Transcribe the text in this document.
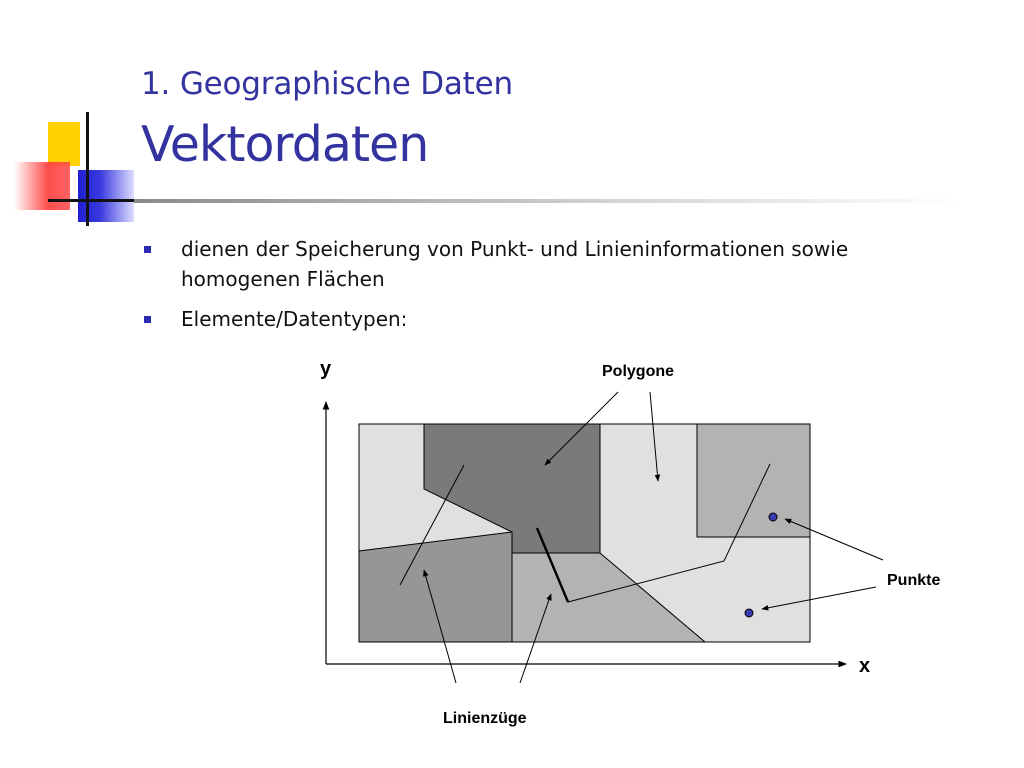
1. Geographische Daten
Vektordaten
dienen der Speicherung von Punkt- und Linieninformationen sowie homogenen Flächen
Elemente/Datentypen:
y
x
Polygone
Punkte
Linienzüge
